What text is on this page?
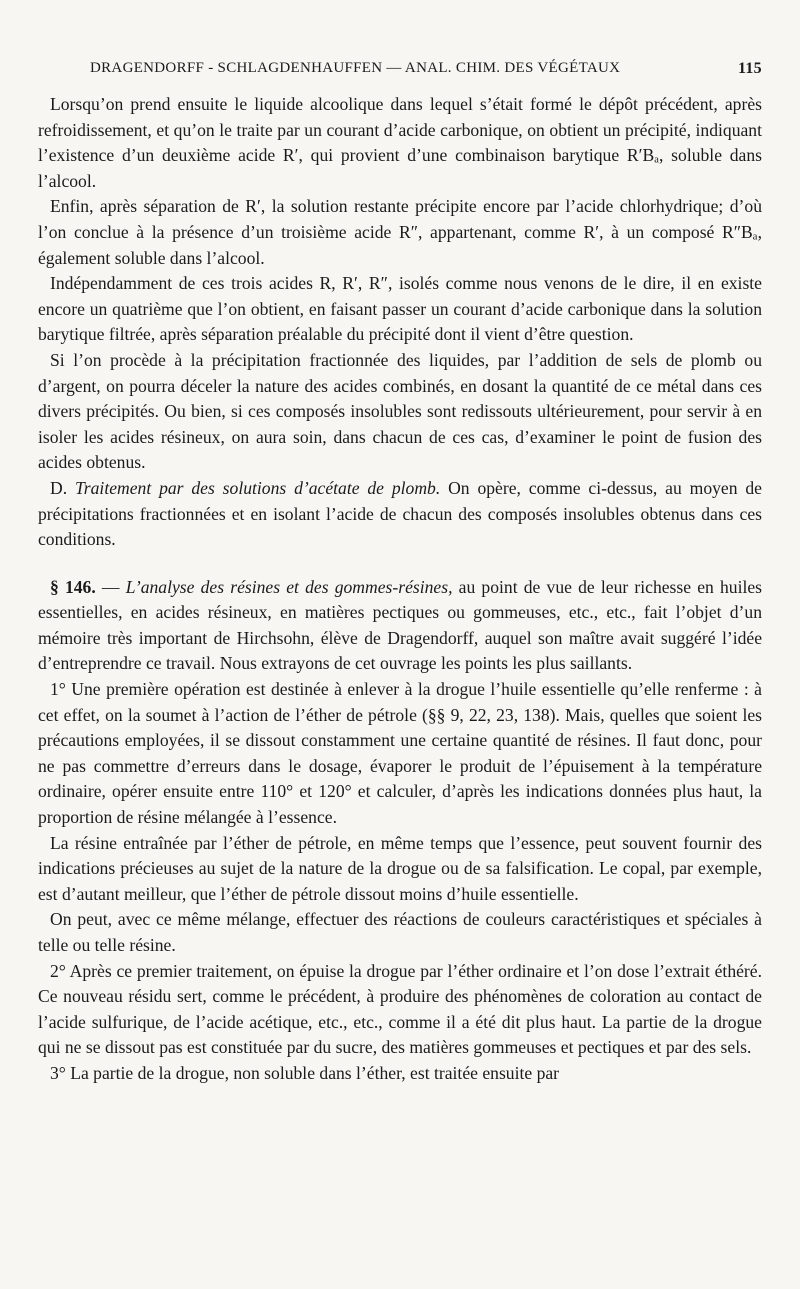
DRAGENDORFF - SCHLAGDENHAUFFEN — ANAL. CHIM. DES VÉGÉTAUX	115

Lorsqu’on prend ensuite le liquide alcoolique dans lequel s’était formé le dépôt précédent, après refroidissement, et qu’on le traite par un courant d’acide carbonique, on obtient un précipité, indiquant l’existence d’un deuxième acide R′, qui provient d’une combinaison barytique R′Bₐ, soluble dans l’alcool.

Enfin, après séparation de R′, la solution restante précipite encore par l’acide chlorhydrique; d’où l’on conclue à la présence d’un troisième acide R″, appartenant, comme R′, à un composé R″Bₐ, également soluble dans l’alcool.

Indépendamment de ces trois acides R, R′, R″, isolés comme nous venons de le dire, il en existe encore un quatrième que l’on obtient, en faisant passer un courant d’acide carbonique dans la solution barytique filtrée, après séparation préalable du précipité dont il vient d’être question.

Si l’on procède à la précipitation fractionnée des liquides, par l’addition de sels de plomb ou d’argent, on pourra déceler la nature des acides combinés, en dosant la quantité de ce métal dans ces divers précipités. Ou bien, si ces composés insolubles sont redissouts ultérieurement, pour servir à en isoler les acides résineux, on aura soin, dans chacun de ces cas, d’examiner le point de fusion des acides obtenus.

D. Traitement par des solutions d’acétate de plomb. On opère, comme ci-dessus, au moyen de précipitations fractionnées et en isolant l’acide de chacun des composés insolubles obtenus dans ces conditions.

§ 146. — L’analyse des résines et des gommes-résines, au point de vue de leur richesse en huiles essentielles, en acides résineux, en matières pectiques ou gommeuses, etc., etc., fait l’objet d’un mémoire très important de Hirchsohn, élève de Dragendorff, auquel son maître avait suggéré l’idée d’entreprendre ce travail. Nous extrayons de cet ouvrage les points les plus saillants.

1° Une première opération est destinée à enlever à la drogue l’huile essentielle qu’elle renferme : à cet effet, on la soumet à l’action de l’éther de pétrole (§§ 9, 22, 23, 138). Mais, quelles que soient les précautions employées, il se dissout constamment une certaine quantité de résines. Il faut donc, pour ne pas commettre d’erreurs dans le dosage, évaporer le produit de l’épuisement à la température ordinaire, opérer ensuite entre 110° et 120° et calculer, d’après les indications données plus haut, la proportion de résine mélangée à l’essence.

La résine entraînée par l’éther de pétrole, en même temps que l’essence, peut souvent fournir des indications précieuses au sujet de la nature de la drogue ou de sa falsification. Le copal, par exemple, est d’autant meilleur, que l’éther de pétrole dissout moins d’huile essentielle.

On peut, avec ce même mélange, effectuer des réactions de couleurs caractéristiques et spéciales à telle ou telle résine.

2° Après ce premier traitement, on épuise la drogue par l’éther ordinaire et l’on dose l’extrait éthéré. Ce nouveau résidu sert, comme le précédent, à produire des phénomènes de coloration au contact de l’acide sulfurique, de l’acide acétique, etc., etc., comme il a été dit plus haut. La partie de la drogue qui ne se dissout pas est constituée par du sucre, des matières gommeuses et pectiques et par des sels.

3° La partie de la drogue, non soluble dans l’éther, est traitée ensuite par
